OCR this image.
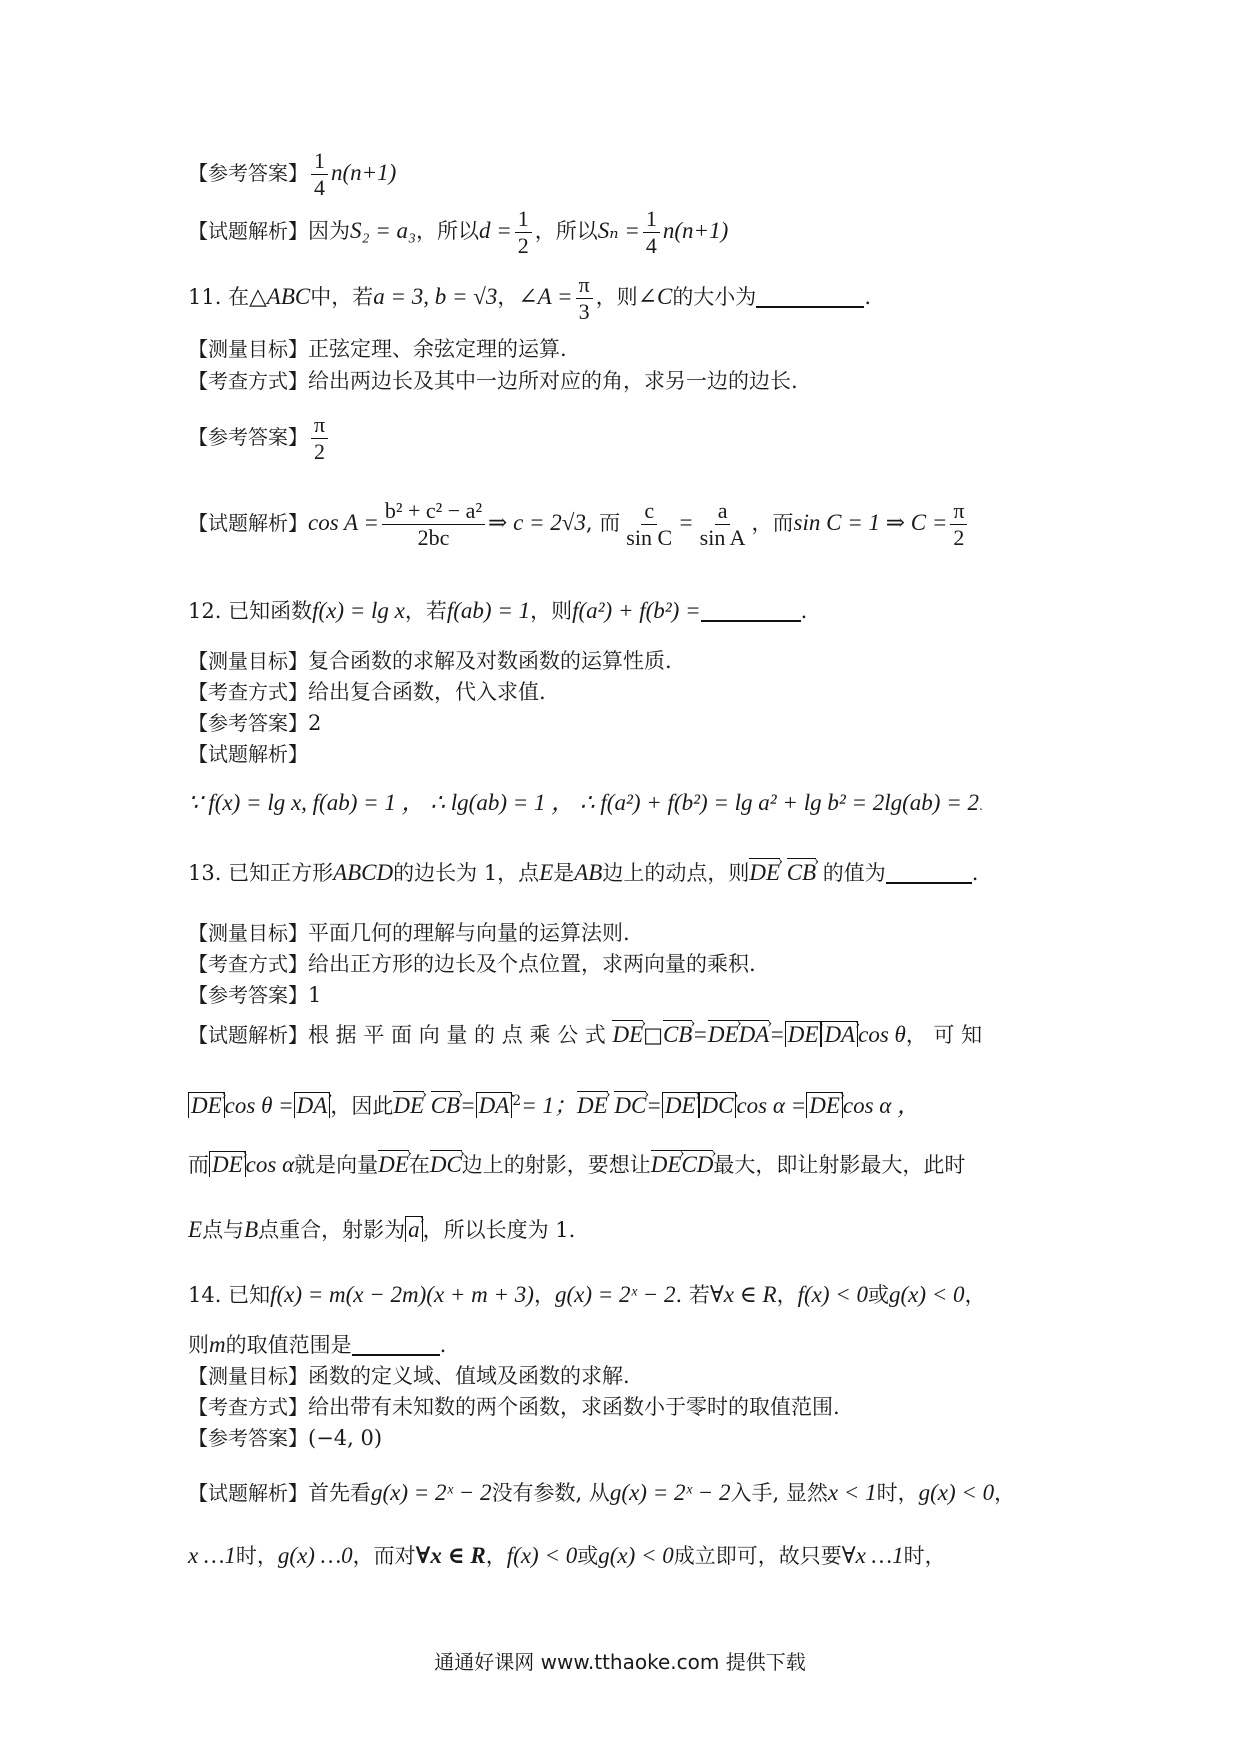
【参考答案】 $\frac{1}{4} n(n+1)$
【试题解析】因为S₂ = a₃，所以$d = \frac{1}{2}$ ，所以$S_n = \frac{1}{4} n(n+1)$
11. 在△ABC中，若a = 3, b = √3，∠A = $\frac{\pi}{3}$ ，则∠C的大小为	.
【测量目标】正弦定理、余弦定理的运算.
【考查方式】给出两边长及其中一边所对应的角，求另一边的边长.
【参考答案】 $\frac{\pi}{2}$
【试题解析】$\cos A = \frac{\text{b² + c² − a²}}{2bc}$ ⇒ c = 2√3, 而 $\frac{c}{\text{sin C}} = \frac{a}{\text{sin A}}$ ，而sin C = 1 ⇒ $C = \frac{\pi}{2}$
12. 已知函数f(x) = lg x，若f(ab) = 1，则f(a²) + f(b²) =	.
【测量目标】复合函数的求解及对数函数的运算性质.
【考查方式】给出复合函数，代入求值.
【参考答案】2
【试题解析】
∵ f(x) = lg x, f(ab) = 1 ， ∴ lg(ab) = 1 ， ∴ f(a²) + f(b²) = lg a² + lg b² = 2lg(ab) = 2.
13. 已知正方形ABCD的边长为 1，点E是AB边上的动点，则DE › CB › 的值为	.
【测量目标】平面几何的理解与向量的运算法则.
【考查方式】给出正方形的边长及个点位置，求两向量的乘积.
【参考答案】1
【试题解析】根 据 平 面 向 量 的 点 乘 公 式 DE ›□CB ›=DE ›DA ›= DE › DA › cos θ， 可 知
DE › cos θ = DA › ，因此DE › CB ›= DA › $^2$= 1；DE › DC ›= DE › DC › cos α = DE › cos α ，
而 DE › cos α就是向量DE ›在DC ›边上的射影，要想让DE ›CD ›最大，即让射影最大，此时
E点与B点重合，射影为 a › ，所以长度为 1.
14. 已知f(x) = m(x − 2m)(x + m + 3)，g(x) = 2ˣ − 2. 若∀x ∈ R，f(x) < 0或g(x) < 0，
则m的取值范围是	.
【测量目标】函数的定义域、值域及函数的求解.
【考查方式】给出带有未知数的两个函数，求函数小于零时的取值范围.
【参考答案】(−4, 0)
【试题解析】首先看g(x) = 2ˣ − 2没有参数, 从g(x) = 2ˣ − 2入手, 显然x < 1时，g(x) < 0，
x …1时，g(x) …0，而对∀x ∈ R，f(x) < 0或g(x) < 0成立即可，故只要∀x …1时，
通通好课网 www.tthaoke.com 提供下载
